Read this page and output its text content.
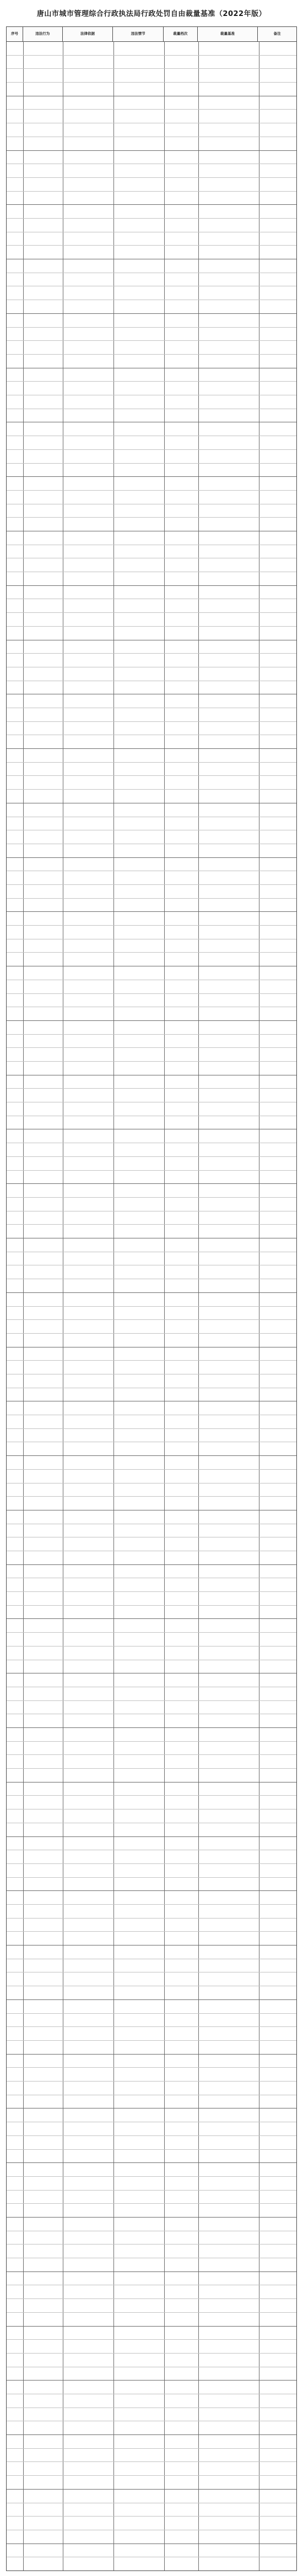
唐山市城市管理综合行政执法局行政处罚自由裁量基准（2022年版）
序号	违法行为	法律依据	违法情节	裁量档次	裁量基准	备注
